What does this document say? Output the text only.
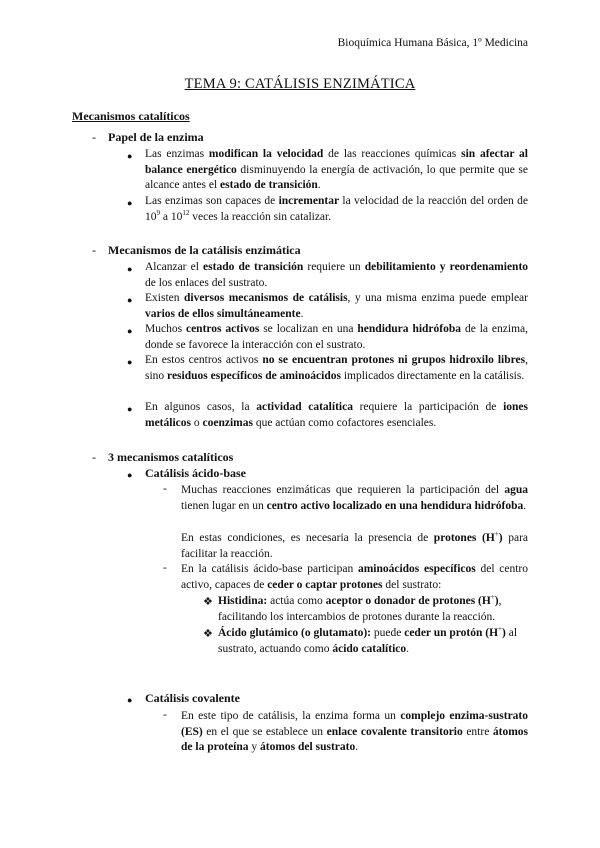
Bioquímica Humana Básica, 1º Medicina
TEMA 9: CATÁLISIS ENZIMÁTICA
Mecanismos catalíticos
- Papel de la enzima
● Las enzimas modifican la velocidad de las reacciones químicas sin afectar al balance energético disminuyendo la energía de activación, lo que permite que se alcance antes el estado de transición.
● Las enzimas son capaces de incrementar la velocidad de la reacción del orden de $10^9$ a $10^{12}$ veces la reacción sin catalizar.
- Mecanismos de la catálisis enzimática
● Alcanzar el estado de transición requiere un debilitamiento y reordenamiento de los enlaces del sustrato.
● Existen diversos mecanismos de catálisis, y una misma enzima puede emplear varios de ellos simultáneamente.
● Muchos centros activos se localizan en una hendidura hidrófoba de la enzima, donde se favorece la interacción con el sustrato.
● En estos centros activos no se encuentran protones ni grupos hidroxilo libres, sino residuos específicos de aminoácidos implicados directamente en la catálisis.
● En algunos casos, la actividad catalítica requiere la participación de iones metálicos o coenzimas que actúan como cofactores esenciales.
- 3 mecanismos catalíticos
● Catálisis ácido-base
- Muchas reacciones enzimáticas que requieren la participación del agua tienen lugar en un centro activo localizado en una hendidura hidrófoba.
En estas condiciones, es necesaria la presencia de protones (H+) para facilitar la reacción.
- En la catálisis ácido-base participan aminoácidos específicos del centro activo, capaces de ceder o captar protones del sustrato:
❖ Histidina: actúa como aceptor o donador de protones (H+), facilitando los intercambios de protones durante la reacción.
❖ Ácido glutámico (o glutamato): puede ceder un protón (H+) al sustrato, actuando como ácido catalítico.
● Catálisis covalente
- En este tipo de catálisis, la enzima forma un complejo enzima-sustrato (ES) en el que se establece un enlace covalente transitorio entre átomos de la proteína y átomos del sustrato.
